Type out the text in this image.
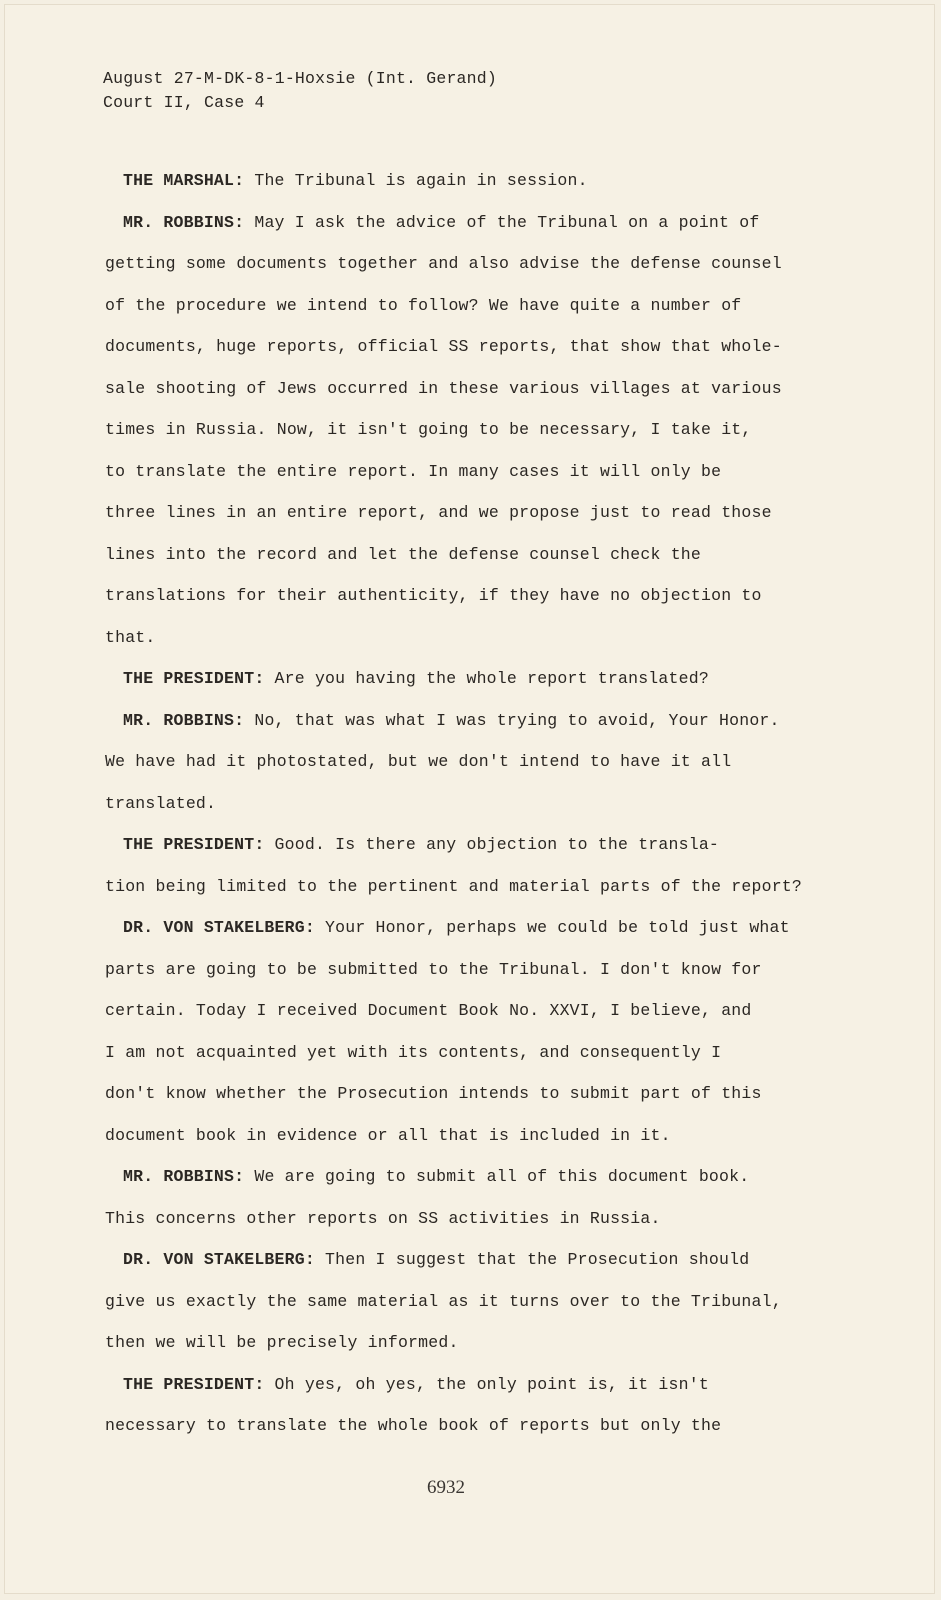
August 27-M-DK-8-1-Hoxsie (Int. Gerand)

Court II, Case 4

THE MARSHAL: The Tribunal is again in session.
MR. ROBBINS: May I ask the advice of the Tribunal on a point of
getting some documents together and also advise the defense counsel
of the procedure we intend to follow? We have quite a number of
documents, huge reports, official SS reports, that show that whole-
sale shooting of Jews occurred in these various villages at various
times in Russia. Now, it isn't going to be necessary, I take it,
to translate the entire report. In many cases it will only be
three lines in an entire report, and we propose just to read those
lines into the record and let the defense counsel check the
translations for their authenticity, if they have no objection to
that.
THE PRESIDENT: Are you having the whole report translated?
MR. ROBBINS: No, that was what I was trying to avoid, Your Honor.
We have had it photostated, but we don't intend to have it all
translated.
THE PRESIDENT: Good. Is there any objection to the transla-
tion being limited to the pertinent and material parts of the report?
DR. VON STAKELBERG: Your Honor, perhaps we could be told just what
parts are going to be submitted to the Tribunal. I don't know for
certain. Today I received Document Book No. XXVI, I believe, and
I am not acquainted yet with its contents, and consequently I
don't know whether the Prosecution intends to submit part of this
document book in evidence or all that is included in it.
MR. ROBBINS: We are going to submit all of this document book.
This concerns other reports on SS activities in Russia.
DR. VON STAKELBERG: Then I suggest that the Prosecution should
give us exactly the same material as it turns over to the Tribunal,
then we will be precisely informed.
THE PRESIDENT: Oh yes, oh yes, the only point is, it isn't
necessary to translate the whole book of reports but only the
6932
